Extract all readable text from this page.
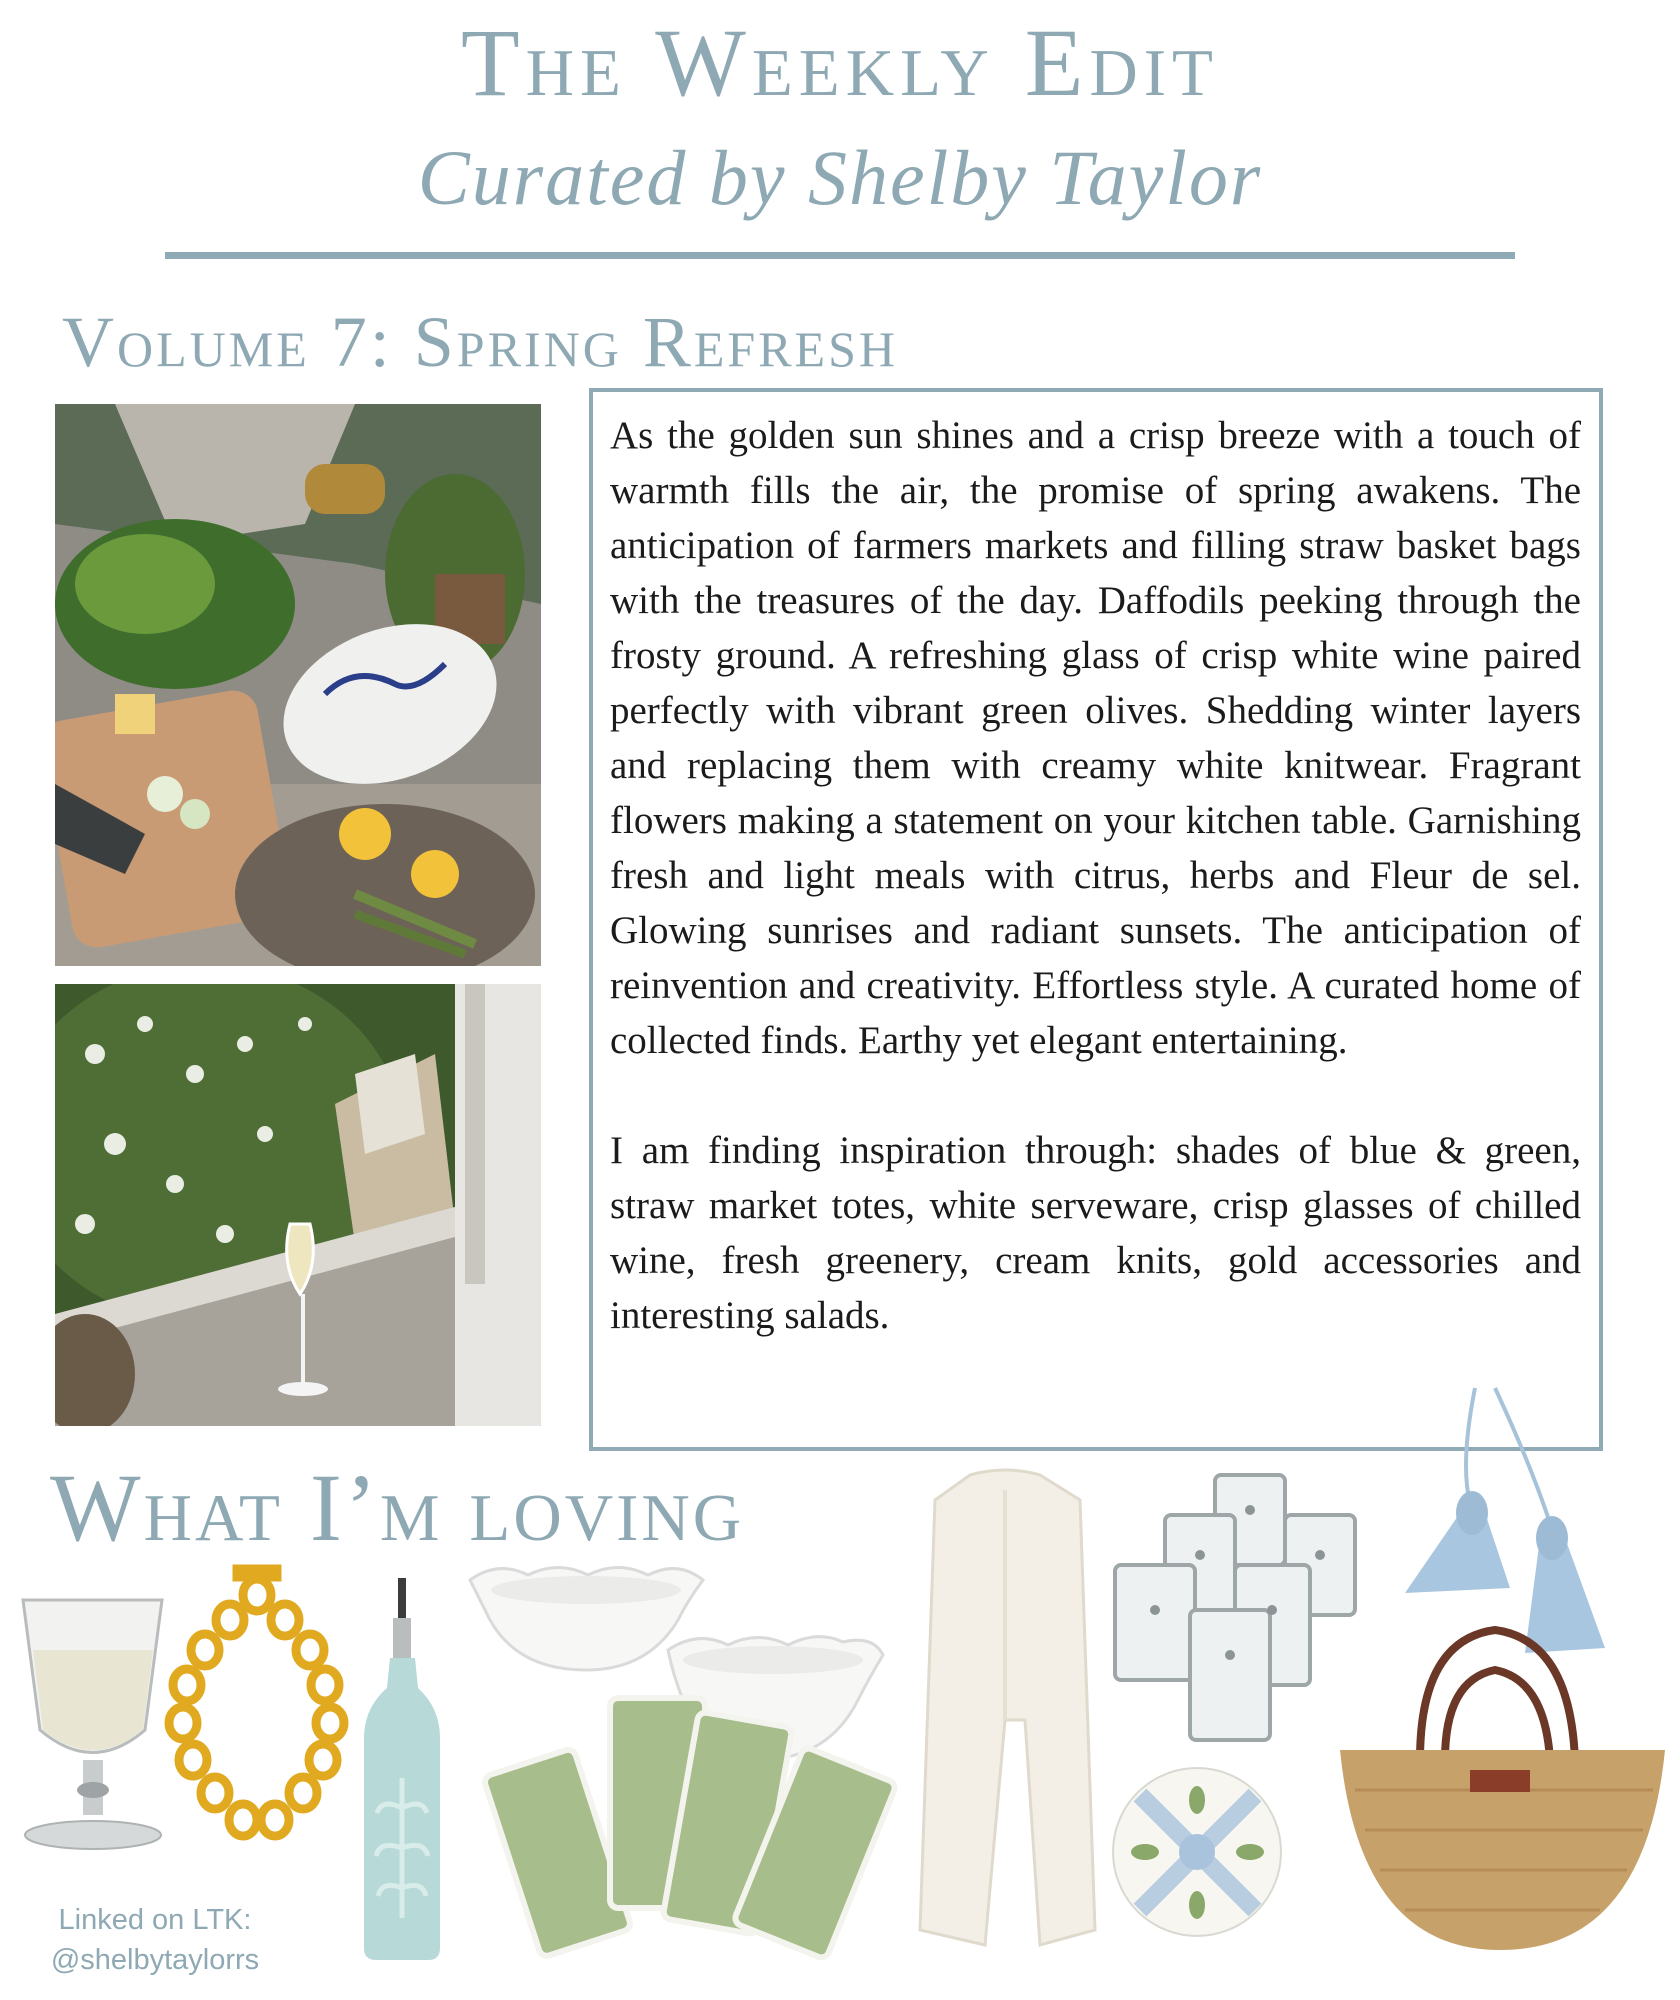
The Weekly Edit
Curated by Shelby Taylor
Volume 7: Spring Refresh

As the golden sun shines and a crisp breeze with a touch of warmth fills the air, the promise of spring awakens. The anticipation of farmers markets and filling straw basket bags with the treasures of the day. Daffodils peeking through the frosty ground. A refreshing glass of crisp white wine paired perfectly with vibrant green olives. Shedding winter layers and replacing them with creamy white knitwear. Fragrant flowers making a statement on your kitchen table. Garnishing fresh and light meals with citrus, herbs and Fleur de sel. Glowing sunrises and radiant sunsets. The anticipation of reinvention and creativity. Effortless style. A curated home of collected finds. Earthy yet elegant entertaining.

I am finding inspiration through: shades of blue & green, straw market totes, white serveware, crisp glasses of chilled wine, fresh greenery, cream knits, gold accessories and interesting salads.

What I’m loving
Linked on LTK:
@shelbytaylorrs
